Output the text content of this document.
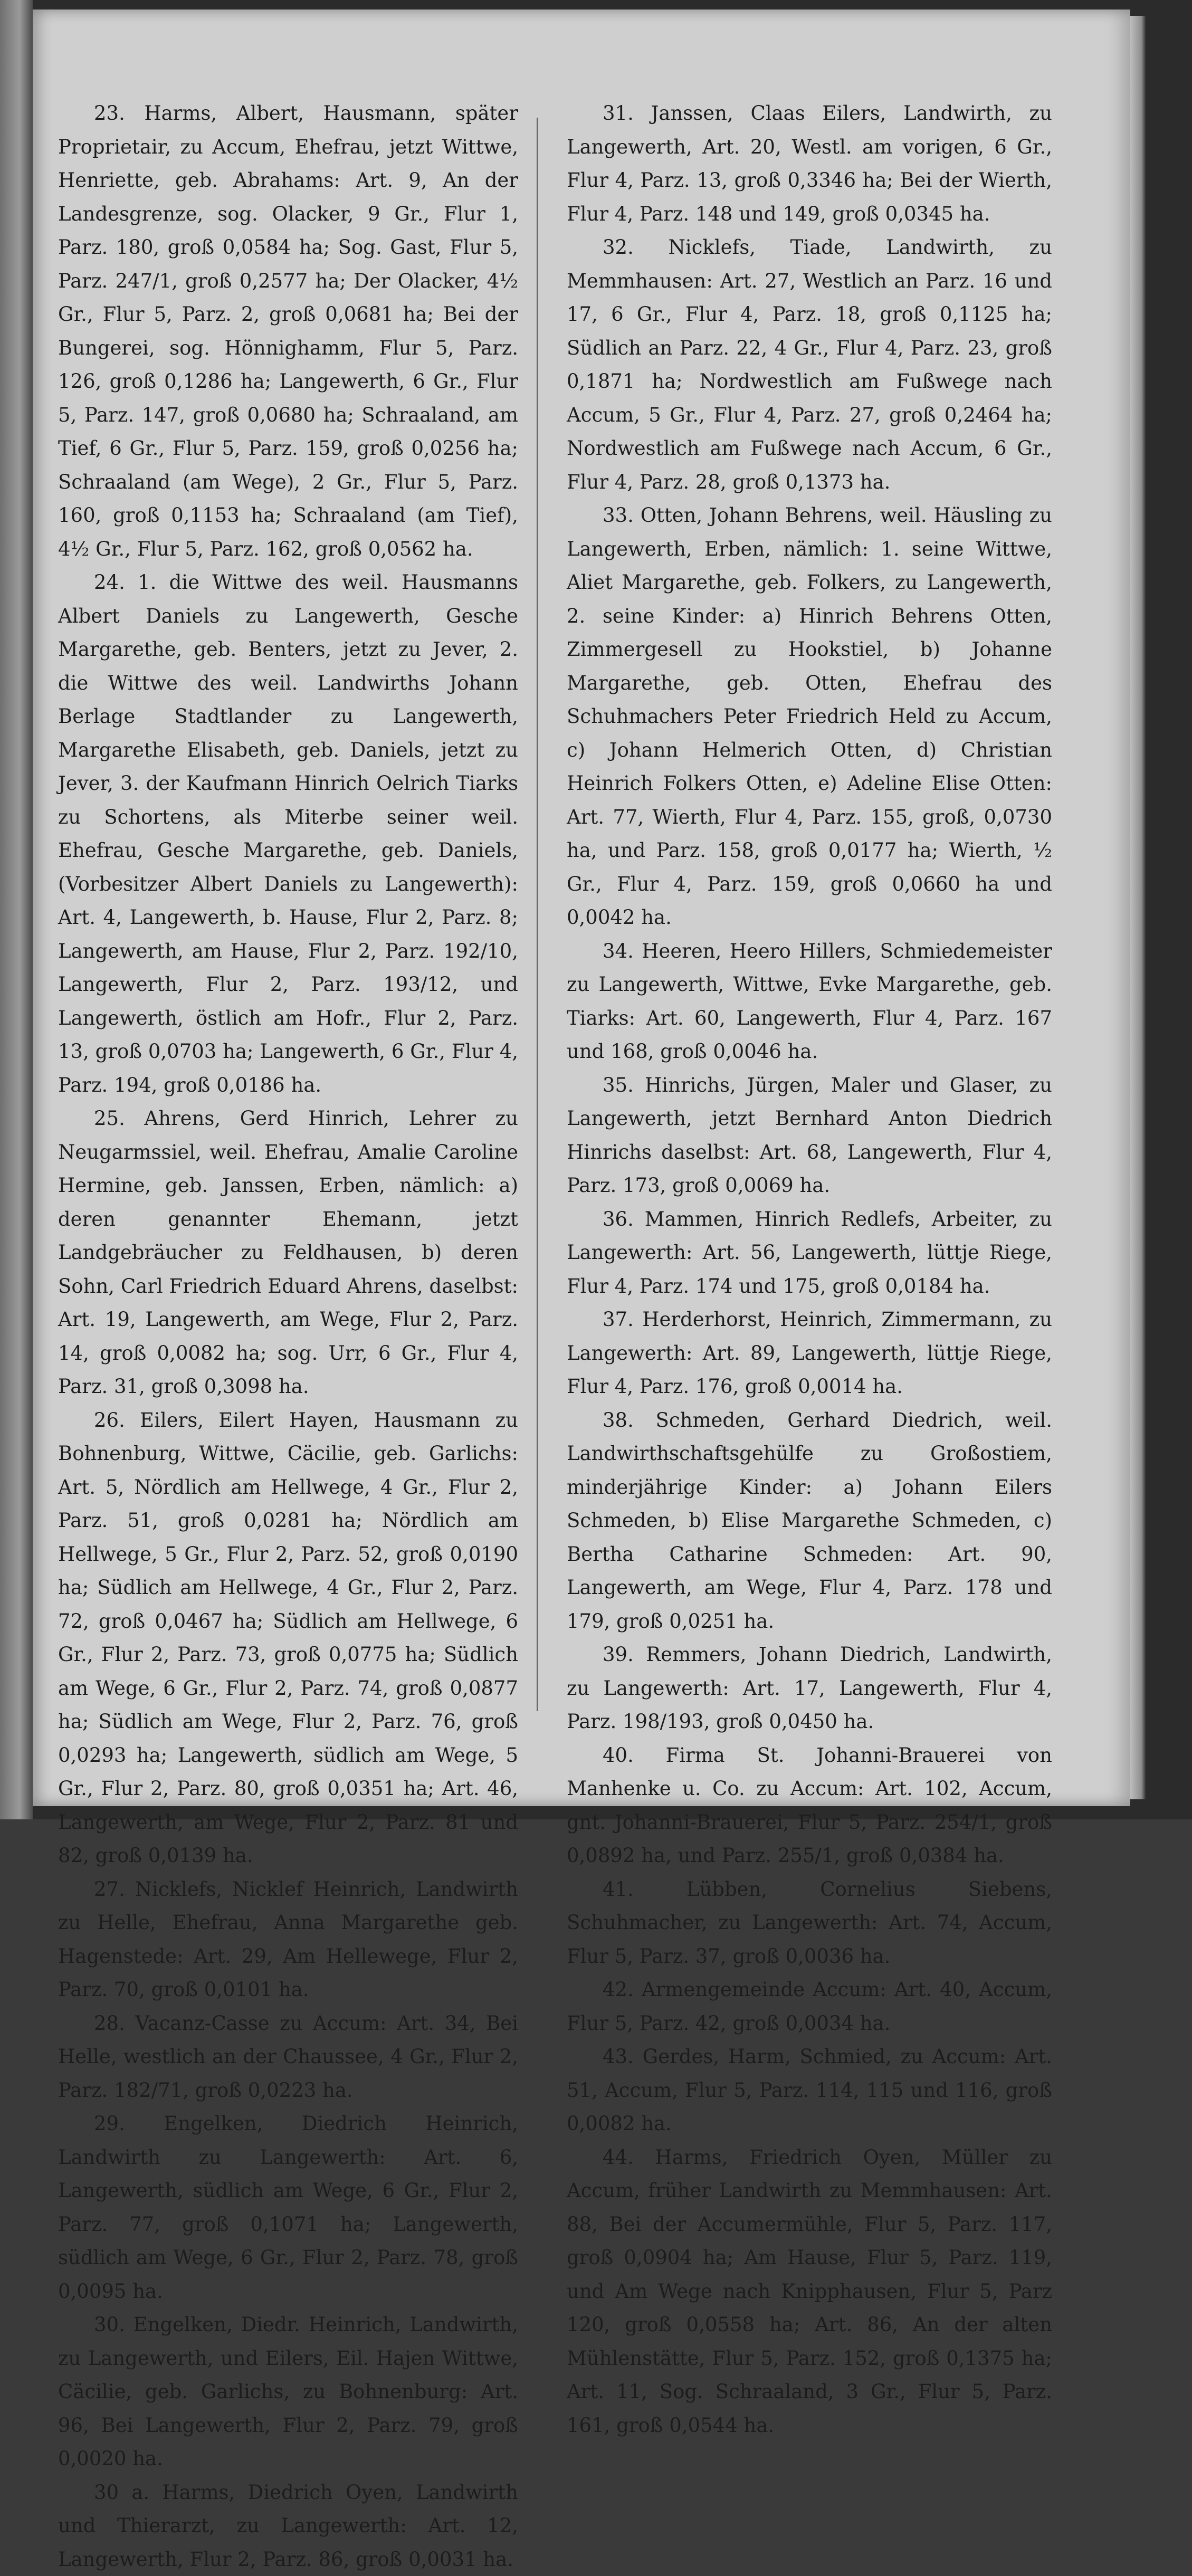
23. Harms, Albert, Hausmann, später Proprietair, zu Accum, Ehefrau, jetzt Wittwe, Henriette, geb. Abrahams: Art. 9, An der Landesgrenze, sog. Olacker, 9 Gr., Flur 1, Parz. 180, groß 0,0584 ha; Sog. Gast, Flur 5, Parz. 247/1, groß 0,2577 ha; Der Olacker, 4½ Gr., Flur 5, Parz. 2, groß 0,0681 ha; Bei der Bungerei, sog. Hönnighamm, Flur 5, Parz. 126, groß 0,1286 ha; Langewerth, 6 Gr., Flur 5, Parz. 147, groß 0,0680 ha; Schraaland, am Tief, 6 Gr., Flur 5, Parz. 159, groß 0,0256 ha; Schraaland (am Wege), 2 Gr., Flur 5, Parz. 160, groß 0,1153 ha; Schraaland (am Tief), 4½ Gr., Flur 5, Parz. 162, groß 0,0562 ha.

24. 1. die Wittwe des weil. Hausmanns Albert Daniels zu Langewerth, Gesche Margarethe, geb. Benters, jetzt zu Jever, 2. die Wittwe des weil. Landwirths Johann Berlage Stadtlander zu Langewerth, Margarethe Elisabeth, geb. Daniels, jetzt zu Jever, 3. der Kaufmann Hinrich Oelrich Tiarks zu Schortens, als Miterbe seiner weil. Ehefrau, Gesche Margarethe, geb. Daniels, (Vorbesitzer Albert Daniels zu Langewerth): Art. 4, Langewerth, b. Hause, Flur 2, Parz. 8; Langewerth, am Hause, Flur 2, Parz. 192/10, Langewerth, Flur 2, Parz. 193/12, und Langewerth, östlich am Hofr., Flur 2, Parz. 13, groß 0,0703 ha; Langewerth, 6 Gr., Flur 4, Parz. 194, groß 0,0186 ha.

25. Ahrens, Gerd Hinrich, Lehrer zu Neugarmssiel, weil. Ehefrau, Amalie Caroline Hermine, geb. Janssen, Erben, nämlich: a) deren genannter Ehemann, jetzt Landgebräucher zu Feldhausen, b) deren Sohn, Carl Friedrich Eduard Ahrens, daselbst: Art. 19, Langewerth, am Wege, Flur 2, Parz. 14, groß 0,0082 ha; sog. Urr, 6 Gr., Flur 4, Parz. 31, groß 0,3098 ha.

26. Eilers, Eilert Hayen, Hausmann zu Bohnenburg, Wittwe, Cäcilie, geb. Garlichs: Art. 5, Nördlich am Hellwege, 4 Gr., Flur 2, Parz. 51, groß 0,0281 ha; Nördlich am Hellwege, 5 Gr., Flur 2, Parz. 52, groß 0,0190 ha; Südlich am Hellwege, 4 Gr., Flur 2, Parz. 72, groß 0,0467 ha; Südlich am Hellwege, 6 Gr., Flur 2, Parz. 73, groß 0,0775 ha; Südlich am Wege, 6 Gr., Flur 2, Parz. 74, groß 0,0877 ha; Südlich am Wege, Flur 2, Parz. 76, groß 0,0293 ha; Langewerth, südlich am Wege, 5 Gr., Flur 2, Parz. 80, groß 0,0351 ha; Art. 46, Langewerth, am Wege, Flur 2, Parz. 81 und 82, groß 0,0139 ha.

27. Nicklefs, Nicklef Heinrich, Landwirth zu Helle, Ehefrau, Anna Margarethe geb. Hagenstede: Art. 29, Am Hellewege, Flur 2, Parz. 70, groß 0,0101 ha.

28. Vacanz-Casse zu Accum: Art. 34, Bei Helle, westlich an der Chaussee, 4 Gr., Flur 2, Parz. 182/71, groß 0,0223 ha.

29. Engelken, Diedrich Heinrich, Landwirth zu Langewerth: Art. 6, Langewerth, südlich am Wege, 6 Gr., Flur 2, Parz. 77, groß 0,1071 ha; Langewerth, südlich am Wege, 6 Gr., Flur 2, Parz. 78, groß 0,0095 ha.

30. Engelken, Diedr. Heinrich, Landwirth, zu Langewerth, und Eilers, Eil. Hajen Wittwe, Cäcilie, geb. Garlichs, zu Bohnenburg: Art. 96, Bei Langewerth, Flur 2, Parz. 79, groß 0,0020 ha.

30 a. Harms, Diedrich Oyen, Landwirth und Thierarzt, zu Langewerth: Art. 12, Langewerth, Flur 2, Parz. 86, groß 0,0031 ha.

31. Janssen, Claas Eilers, Landwirth, zu Langewerth, Art. 20, Westl. am vorigen, 6 Gr., Flur 4, Parz. 13, groß 0,3346 ha; Bei der Wierth, Flur 4, Parz. 148 und 149, groß 0,0345 ha.

32. Nicklefs, Tiade, Landwirth, zu Memmhausen: Art. 27, Westlich an Parz. 16 und 17, 6 Gr., Flur 4, Parz. 18, groß 0,1125 ha; Südlich an Parz. 22, 4 Gr., Flur 4, Parz. 23, groß 0,1871 ha; Nordwestlich am Fußwege nach Accum, 5 Gr., Flur 4, Parz. 27, groß 0,2464 ha; Nordwestlich am Fußwege nach Accum, 6 Gr., Flur 4, Parz. 28, groß 0,1373 ha.

33. Otten, Johann Behrens, weil. Häusling zu Langewerth, Erben, nämlich: 1. seine Wittwe, Aliet Margarethe, geb. Folkers, zu Langewerth, 2. seine Kinder: a) Hinrich Behrens Otten, Zimmergesell zu Hookstiel, b) Johanne Margarethe, geb. Otten, Ehefrau des Schuhmachers Peter Friedrich Held zu Accum, c) Johann Helmerich Otten, d) Christian Heinrich Folkers Otten, e) Adeline Elise Otten: Art. 77, Wierth, Flur 4, Parz. 155, groß, 0,0730 ha, und Parz. 158, groß 0,0177 ha; Wierth, ½ Gr., Flur 4, Parz. 159, groß 0,0660 ha und 0,0042 ha.

34. Heeren, Heero Hillers, Schmiedemeister zu Langewerth, Wittwe, Evke Margarethe, geb. Tiarks: Art. 60, Langewerth, Flur 4, Parz. 167 und 168, groß 0,0046 ha.

35. Hinrichs, Jürgen, Maler und Glaser, zu Langewerth, jetzt Bernhard Anton Diedrich Hinrichs daselbst: Art. 68, Langewerth, Flur 4, Parz. 173, groß 0,0069 ha.

36. Mammen, Hinrich Redlefs, Arbeiter, zu Langewerth: Art. 56, Langewerth, lüttje Riege, Flur 4, Parz. 174 und 175, groß 0,0184 ha.

37. Herderhorst, Heinrich, Zimmermann, zu Langewerth: Art. 89, Langewerth, lüttje Riege, Flur 4, Parz. 176, groß 0,0014 ha.

38. Schmeden, Gerhard Diedrich, weil. Landwirthschaftsgehülfe zu Großostiem, minderjährige Kinder: a) Johann Eilers Schmeden, b) Elise Margarethe Schmeden, c) Bertha Catharine Schmeden: Art. 90, Langewerth, am Wege, Flur 4, Parz. 178 und 179, groß 0,0251 ha.

39. Remmers, Johann Diedrich, Landwirth, zu Langewerth: Art. 17, Langewerth, Flur 4, Parz. 198/193, groß 0,0450 ha.

40. Firma St. Johanni-Brauerei von Manhenke u. Co. zu Accum: Art. 102, Accum, gnt. Johanni-Brauerei, Flur 5, Parz. 254/1, groß 0,0892 ha, und Parz. 255/1, groß 0,0384 ha.

41. Lübben, Cornelius Siebens, Schuhmacher, zu Langewerth: Art. 74, Accum, Flur 5, Parz. 37, groß 0,0036 ha.

42. Armengemeinde Accum: Art. 40, Accum, Flur 5, Parz. 42, groß 0,0034 ha.

43. Gerdes, Harm, Schmied, zu Accum: Art. 51, Accum, Flur 5, Parz. 114, 115 und 116, groß 0,0082 ha.

44. Harms, Friedrich Oyen, Müller zu Accum, früher Landwirth zu Memmhausen: Art. 88, Bei der Accumermühle, Flur 5, Parz. 117, groß 0,0904 ha; Am Hause, Flur 5, Parz. 119, und Am Wege nach Knipphausen, Flur 5, Parz 120, groß 0,0558 ha; Art. 86, An der alten Mühlenstätte, Flur 5, Parz. 152, groß 0,1375 ha; Art. 11, Sog. Schraaland, 3 Gr., Flur 5, Parz. 161, groß 0,0544 ha.
